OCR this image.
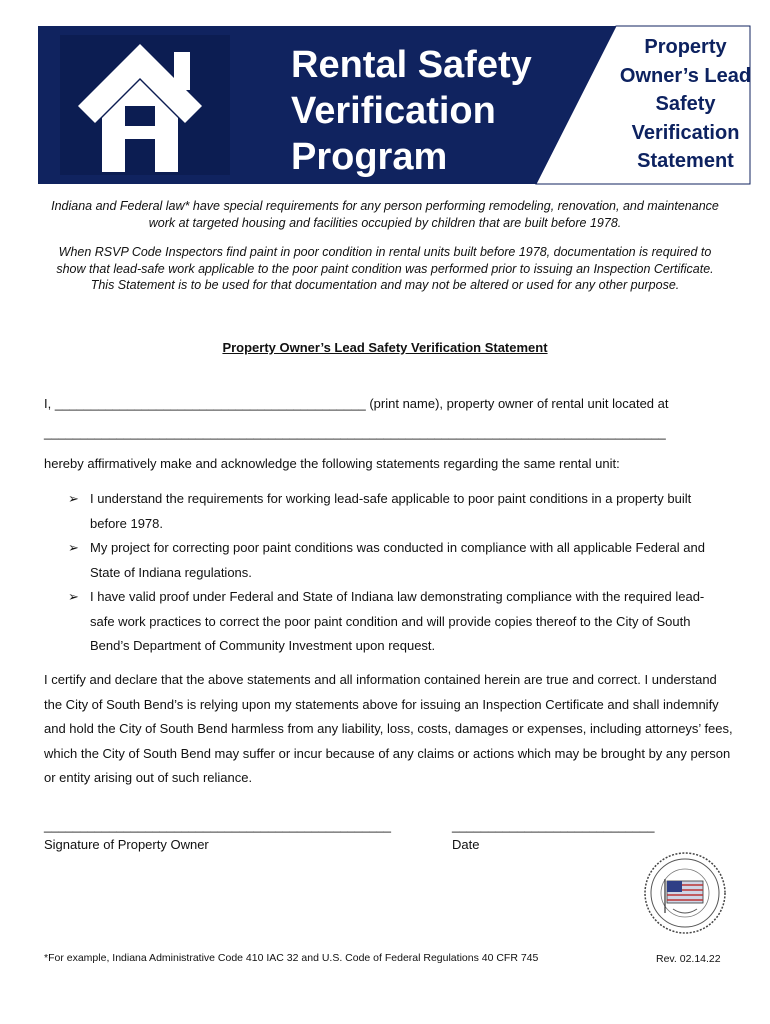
Rental Safety Verification Program
Property Owner’s Lead Safety Verification Statement

Indiana and Federal law* have special requirements for any person performing remodeling, renovation, and maintenance work at targeted housing and facilities occupied by children that are built before 1978.

When RSVP Code Inspectors find paint in poor condition in rental units built before 1978, documentation is required to show that lead-safe work applicable to the poor paint condition was performed prior to issuing an Inspection Certificate. This Statement is to be used for that documentation and may not be altered or used for any other purpose.

Property Owner’s Lead Safety Verification Statement

I, ___________________________________________ (print name), property owner of rental unit located at
______________________________________________________________________________________
hereby affirmatively make and acknowledge the following statements regarding the same rental unit:
➢ I understand the requirements for working lead-safe applicable to poor paint conditions in a property built before 1978.
➢ My project for correcting poor paint conditions was conducted in compliance with all applicable Federal and State of Indiana regulations.
➢ I have valid proof under Federal and State of Indiana law demonstrating compliance with the required lead-safe work practices to correct the poor paint condition and will provide copies thereof to the City of South Bend’s Department of Community Investment upon request.

I certify and declare that the above statements and all information contained herein are true and correct. I understand the City of South Bend’s is relying upon my statements above for issuing an Inspection Certificate and shall indemnify and hold the City of South Bend harmless from any liability, loss, costs, damages or expenses, including attorneys’ fees, which the City of South Bend may suffer or incur because of any claims or actions which may be brought by any person or entity arising out of such reliance.

________________________________________________
Signature of Property Owner
____________________________
Date
*For example, Indiana Administrative Code 410 IAC 32 and U.S. Code of Federal Regulations 40 CFR 745	Rev. 02.14.22
